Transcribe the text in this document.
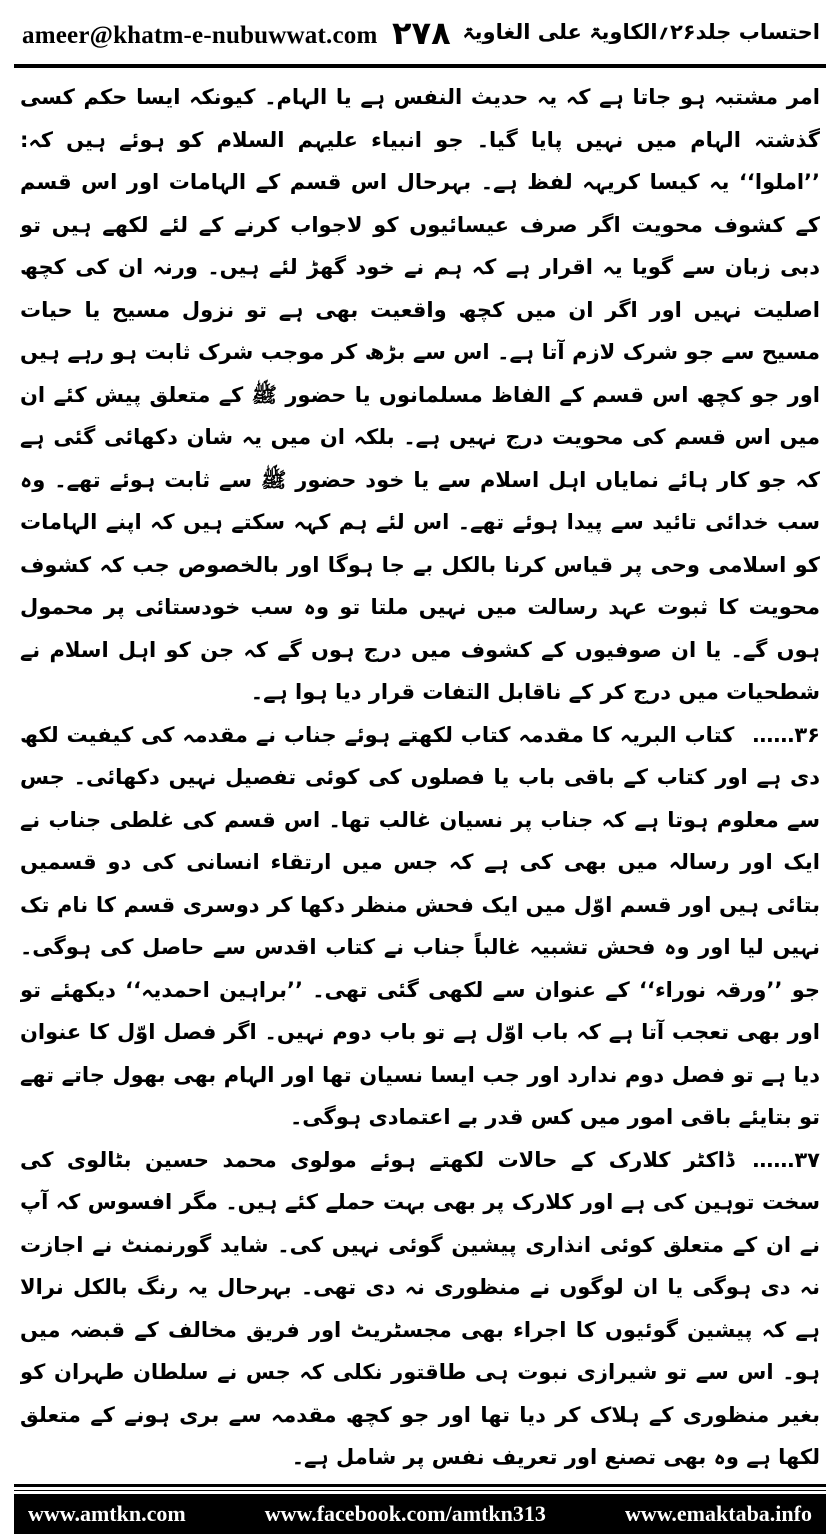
ameer@khatm-e-nubuwwat.com ۲۷۸ احتساب جلد۲۶؍الکاویۃ علی الغاویۃ

امر مشتبہ ہو جاتا ہے کہ یہ حدیث النفس ہے یا الہام۔ کیونکہ ایسا حکم کسی گذشتہ الہام میں نہیں پایا گیا۔ جو انبیاء علیہم السلام کو ہوئے ہیں کہ: ’’املوا‘‘ یہ کیسا کریہہ لفظ ہے۔ بہرحال اس قسم کے الہامات اور اس قسم کے کشوف محویت اگر صرف عیسائیوں کو لاجواب کرنے کے لئے لکھے ہیں تو دبی زبان سے گویا یہ اقرار ہے کہ ہم نے خود گھڑ لئے ہیں۔ ورنہ ان کی کچھ اصلیت نہیں اور اگر ان میں کچھ واقعیت بھی ہے تو نزول مسیح یا حیات مسیح سے جو شرک لازم آتا ہے۔ اس سے بڑھ کر موجب شرک ثابت ہو رہے ہیں اور جو کچھ اس قسم کے الفاظ مسلمانوں یا حضور ﷺ کے متعلق پیش کئے ان میں اس قسم کی محویت درج نہیں ہے۔ بلکہ ان میں یہ شان دکھائی گئی ہے کہ جو کار ہائے نمایاں اہل اسلام سے یا خود حضور ﷺ سے ثابت ہوئے تھے۔ وہ سب خدائی تائید سے پیدا ہوئے تھے۔ اس لئے ہم کہہ سکتے ہیں کہ اپنے الہامات کو اسلامی وحی پر قیاس کرنا بالکل بے جا ہوگا اور بالخصوص جب کہ کشوف محویت کا ثبوت عہد رسالت میں نہیں ملتا تو وہ سب خودستائی پر محمول ہوں گے۔ یا ان صوفیوں کے کشوف میں درج ہوں گے کہ جن کو اہل اسلام نے شطحیات میں درج کر کے ناقابل التفات قرار دیا ہوا ہے۔

۳۶……کتاب البریہ کا مقدمہ کتاب لکھتے ہوئے جناب نے مقدمہ کی کیفیت لکھ دی ہے اور کتاب کے باقی باب یا فصلوں کی کوئی تفصیل نہیں دکھائی۔ جس سے معلوم ہوتا ہے کہ جناب پر نسیان غالب تھا۔ اس قسم کی غلطی جناب نے ایک اور رسالہ میں بھی کی ہے کہ جس میں ارتقاء انسانی کی دو قسمیں بتائی ہیں اور قسم اوّل میں ایک فحش منظر دکھا کر دوسری قسم کا نام تک نہیں لیا اور وہ فحش تشبیہ غالباً جناب نے کتاب اقدس سے حاصل کی ہوگی۔ جو ’’ورقہ نوراء‘‘ کے عنوان سے لکھی گئی تھی۔ ’’براہین احمدیہ‘‘ دیکھئے تو اور بھی تعجب آتا ہے کہ باب اوّل ہے تو باب دوم نہیں۔ اگر فصل اوّل کا عنوان دیا ہے تو فصل دوم ندارد اور جب ایسا نسیان تھا اور الہام بھی بھول جاتے تھے تو بتایئے باقی امور میں کس قدر بے اعتمادی ہوگی۔

۳۷……ڈاکٹر کلارک کے حالات لکھتے ہوئے مولوی محمد حسین بٹالوی کی سخت توہین کی ہے اور کلارک پر بھی بہت حملے کئے ہیں۔ مگر افسوس کہ آپ نے ان کے متعلق کوئی انذاری پیشین گوئی نہیں کی۔ شاید گورنمنٹ نے اجازت نہ دی ہوگی یا ان لوگوں نے منظوری نہ دی تھی۔ بہرحال یہ رنگ بالکل نرالا ہے کہ پیشین گوئیوں کا اجراء بھی مجسٹریٹ اور فریق مخالف کے قبضہ میں ہو۔ اس سے تو شیرازی نبوت ہی طاقتور نکلی کہ جس نے سلطان طہران کو بغیر منظوری کے ہلاک کر دیا تھا اور جو کچھ مقدمہ سے بری ہونے کے متعلق لکھا ہے وہ بھی تصنع اور تعریف نفس پر شامل ہے۔

www.amtkn.com	www.facebook.com/amtkn313	www.emaktaba.info
